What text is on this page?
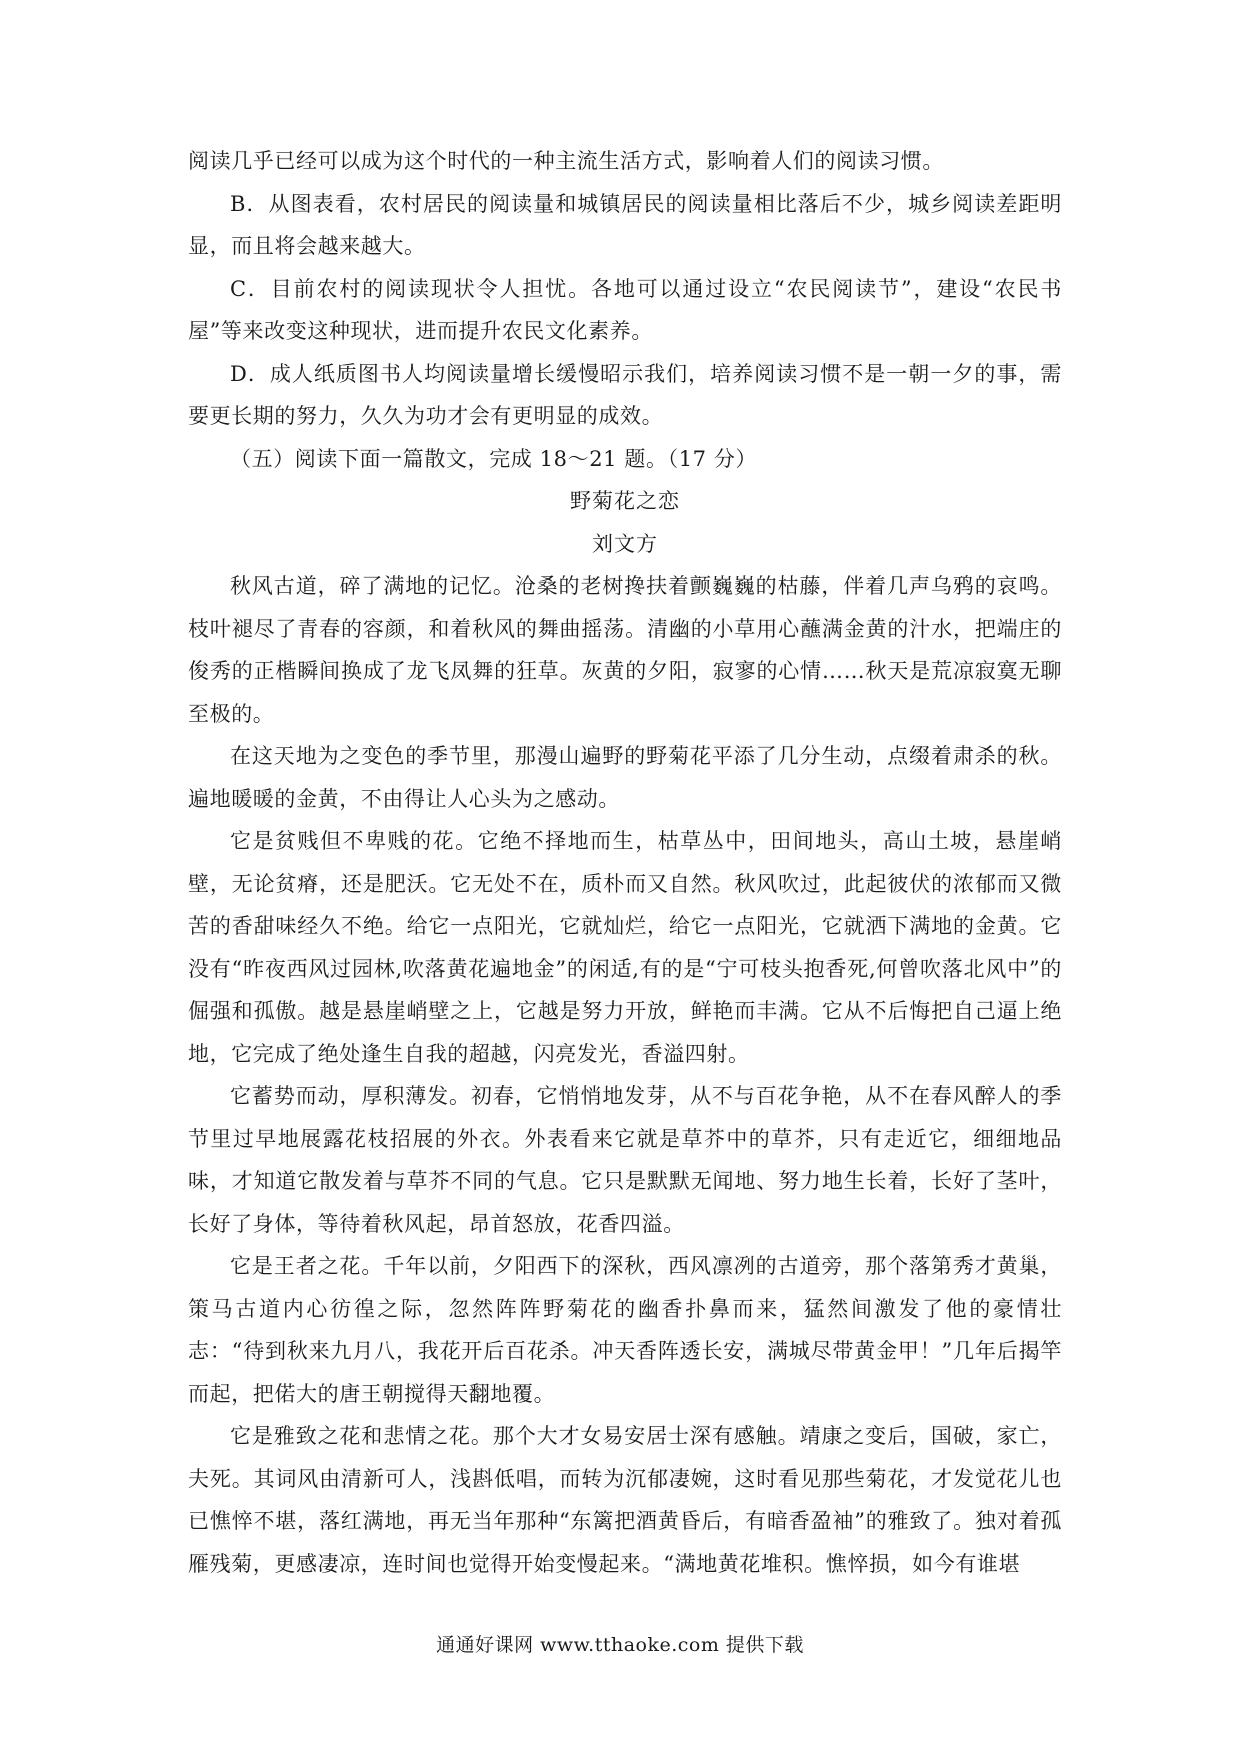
阅读几乎已经可以成为这个时代的一种主流生活方式，影响着人们的阅读习惯。

B．从图表看，农村居民的阅读量和城镇居民的阅读量相比落后不少，城乡阅读差距明显，而且将会越来越大。

C．目前农村的阅读现状令人担忧。各地可以通过设立“农民阅读节”，建设“农民书屋”等来改变这种现状，进而提升农民文化素养。

D．成人纸质图书人均阅读量增长缓慢昭示我们，培养阅读习惯不是一朝一夕的事，需要更长期的努力，久久为功才会有更明显的成效。

（五）阅读下面一篇散文，完成 18～21 题。（17 分）

野菊花之恋

刘文方

秋风古道，碎了满地的记忆。沧桑的老树搀扶着颤巍巍的枯藤，伴着几声乌鸦的哀鸣。枝叶褪尽了青春的容颜，和着秋风的舞曲摇荡。清幽的小草用心蘸满金黄的汁水，把端庄的俊秀的正楷瞬间换成了龙飞凤舞的狂草。灰黄的夕阳，寂寥的心情……秋天是荒凉寂寞无聊至极的。

在这天地为之变色的季节里，那漫山遍野的野菊花平添了几分生动，点缀着肃杀的秋。遍地暖暖的金黄，不由得让人心头为之感动。

它是贫贱但不卑贱的花。它绝不择地而生，枯草丛中，田间地头，高山土坡，悬崖峭壁，无论贫瘠，还是肥沃。它无处不在，质朴而又自然。秋风吹过，此起彼伏的浓郁而又微苦的香甜味经久不绝。给它一点阳光，它就灿烂，给它一点阳光，它就洒下满地的金黄。它没有“昨夜西风过园林,吹落黄花遍地金”的闲适,有的是“宁可枝头抱香死,何曾吹落北风中”的倔强和孤傲。越是悬崖峭壁之上，它越是努力开放，鲜艳而丰满。它从不后悔把自己逼上绝地，它完成了绝处逢生自我的超越，闪亮发光，香溢四射。

它蓄势而动，厚积薄发。初春，它悄悄地发芽，从不与百花争艳，从不在春风醉人的季节里过早地展露花枝招展的外衣。外表看来它就是草芥中的草芥，只有走近它，细细地品味，才知道它散发着与草芥不同的气息。它只是默默无闻地、努力地生长着，长好了茎叶，长好了身体，等待着秋风起，昂首怒放，花香四溢。

它是王者之花。千年以前，夕阳西下的深秋，西风凛冽的古道旁，那个落第秀才黄巢，策马古道内心彷徨之际，忽然阵阵野菊花的幽香扑鼻而来，猛然间激发了他的豪情壮志：“待到秋来九月八，我花开后百花杀。冲天香阵透长安，满城尽带黄金甲！”几年后揭竿而起，把偌大的唐王朝搅得天翻地覆。

它是雅致之花和悲情之花。那个大才女易安居士深有感触。靖康之变后，国破，家亡，夫死。其词风由清新可人，浅斟低唱，而转为沉郁凄婉，这时看见那些菊花，才发觉花儿也已憔悴不堪，落红满地，再无当年那种“东篱把酒黄昏后，有暗香盈袖”的雅致了。独对着孤雁残菊，更感凄凉，连时间也觉得开始变慢起来。“满地黄花堆积。憔悴损，如今有谁堪

通通好课网 www.tthaoke.com 提供下载
